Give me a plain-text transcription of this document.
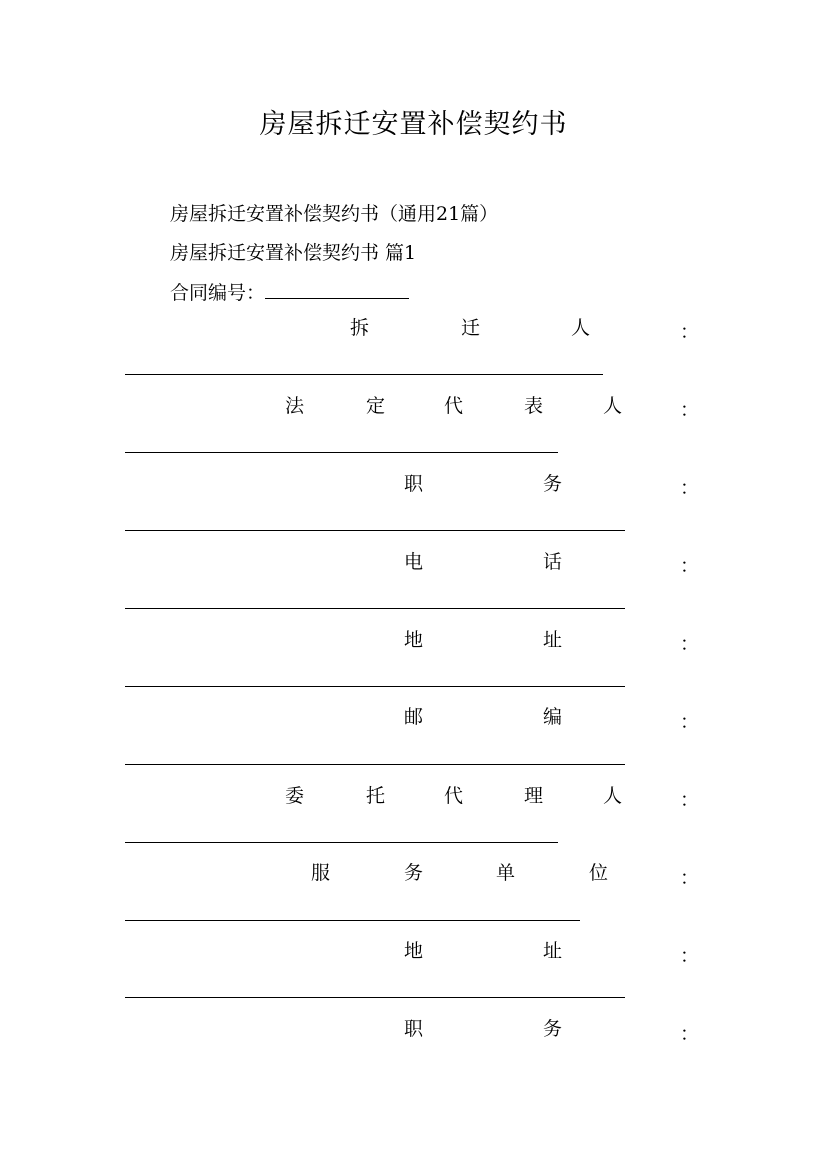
房屋拆迁安置补偿契约书
房屋拆迁安置补偿契约书（通用21篇）
房屋拆迁安置补偿契约书 篇1
合同编号：
拆	迁	人	：
法	定	代	表	人	：
职	务	：
电	话	：
地	址	：
邮	编	：
委	托	代	理	人	：
服	务	单	位	：
地	址	：
职	务	：
